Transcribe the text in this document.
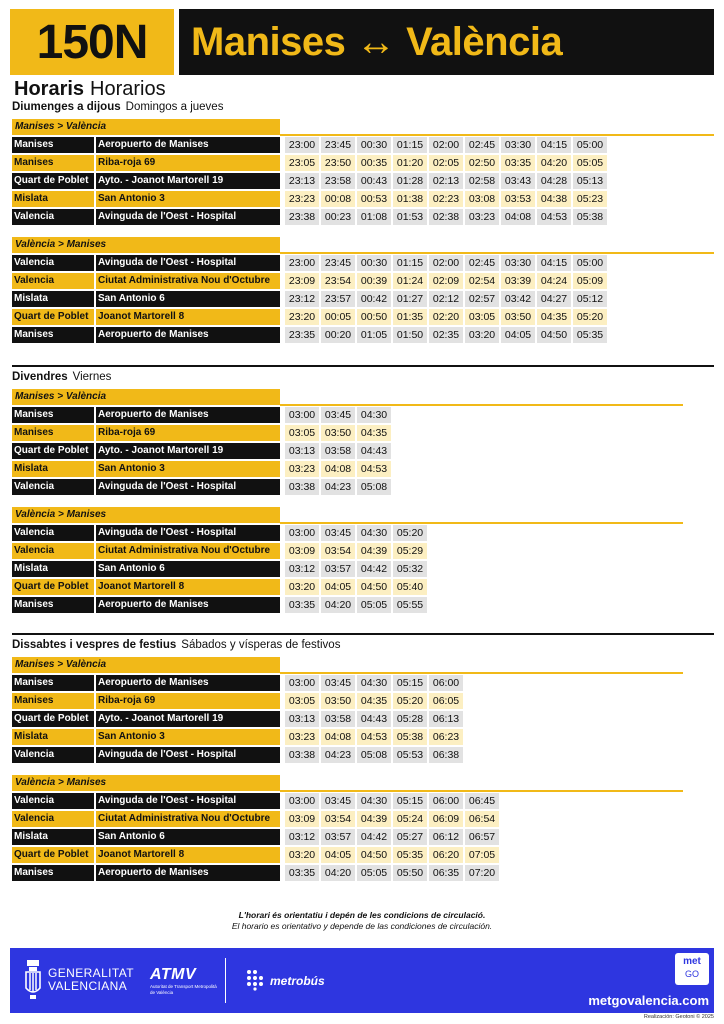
150N Manises ↔ València
Horaris Horarios
Diumenges a dijous Domingos a jueves
Manises > València
Manises	Aeropuerto de Manises	23:00 23:45 00:30 01:15 02:00 02:45 03:30 04:15 05:00
Manises	Riba-roja 69	23:05 23:50 00:35 01:20 02:05 02:50 03:35 04:20 05:05
Quart de Poblet Ayto. - Joanot Martorell 19	23:13 23:58 00:43 01:28 02:13 02:58 03:43 04:28 05:13
Mislata	San Antonio 3	23:23 00:08 00:53 01:38 02:23 03:08 03:53 04:38 05:23
Valencia	Avinguda de l'Oest - Hospital	23:38 00:23 01:08 01:53 02:38 03:23 04:08 04:53 05:38
València > Manises
Valencia	Avinguda de l'Oest - Hospital	23:00 23:45 00:30 01:15 02:00 02:45 03:30 04:15 05:00
Valencia	Ciutat Administrativa Nou d'Octubre	23:09 23:54 00:39 01:24 02:09 02:54 03:39 04:24 05:09
Mislata	San Antonio 6	23:12 23:57 00:42 01:27 02:12 02:57 03:42 04:27 05:12
Quart de Poblet Joanot Martorell 8	23:20 00:05 00:50 01:35 02:20 03:05 03:50 04:35 05:20
Manises	Aeropuerto de Manises	23:35 00:20 01:05 01:50 02:35 03:20 04:05 04:50 05:35
Divendres Viernes
Manises > València
Manises	Aeropuerto de Manises	03:00 03:45 04:30
Manises	Riba-roja 69	03:05 03:50 04:35
Quart de Poblet Ayto. - Joanot Martorell 19	03:13 03:58 04:43
Mislata	San Antonio 3	03:23 04:08 04:53
Valencia	Avinguda de l'Oest - Hospital	03:38 04:23 05:08
València > Manises
Valencia	Avinguda de l'Oest - Hospital	03:00 03:45 04:30 05:20
Valencia	Ciutat Administrativa Nou d'Octubre	03:09 03:54 04:39 05:29
Mislata	San Antonio 6	03:12 03:57 04:42 05:32
Quart de Poblet Joanot Martorell 8	03:20 04:05 04:50 05:40
Manises	Aeropuerto de Manises	03:35 04:20 05:05 05:55
Dissabtes i vespres de festius Sábados y vísperas de festivos
Manises > València
Manises	Aeropuerto de Manises	03:00 03:45 04:30 05:15 06:00
Manises	Riba-roja 69	03:05 03:50 04:35 05:20 06:05
Quart de Poblet Ayto. - Joanot Martorell 19	03:13 03:58 04:43 05:28 06:13
Mislata	San Antonio 3	03:23 04:08 04:53 05:38 06:23
Valencia	Avinguda de l'Oest - Hospital	03:38 04:23 05:08 05:53 06:38
València > Manises
Valencia	Avinguda de l'Oest - Hospital	03:00 03:45 04:30 05:15 06:00 06:45
Valencia	Ciutat Administrativa Nou d'Octubre	03:09 03:54 04:39 05:24 06:09 06:54
Mislata	San Antonio 6	03:12 03:57 04:42 05:27 06:12 06:57
Quart de Poblet Joanot Martorell 8	03:20 04:05 04:50 05:35 06:20 07:05
Manises	Aeropuerto de Manises	03:35 04:20 05:05 05:50 06:35 07:20
L'horari és orientatiu i depén de les condicions de circulació.
El horario es orientativo y depende de las condiciones de circulación.
GENERALITAT
VALENCIANA
ATMV
Autoritat de Transport Metropolità de València
metrobús
met
GO
metgovalencia.com
Realización: Geotoni © 2025
